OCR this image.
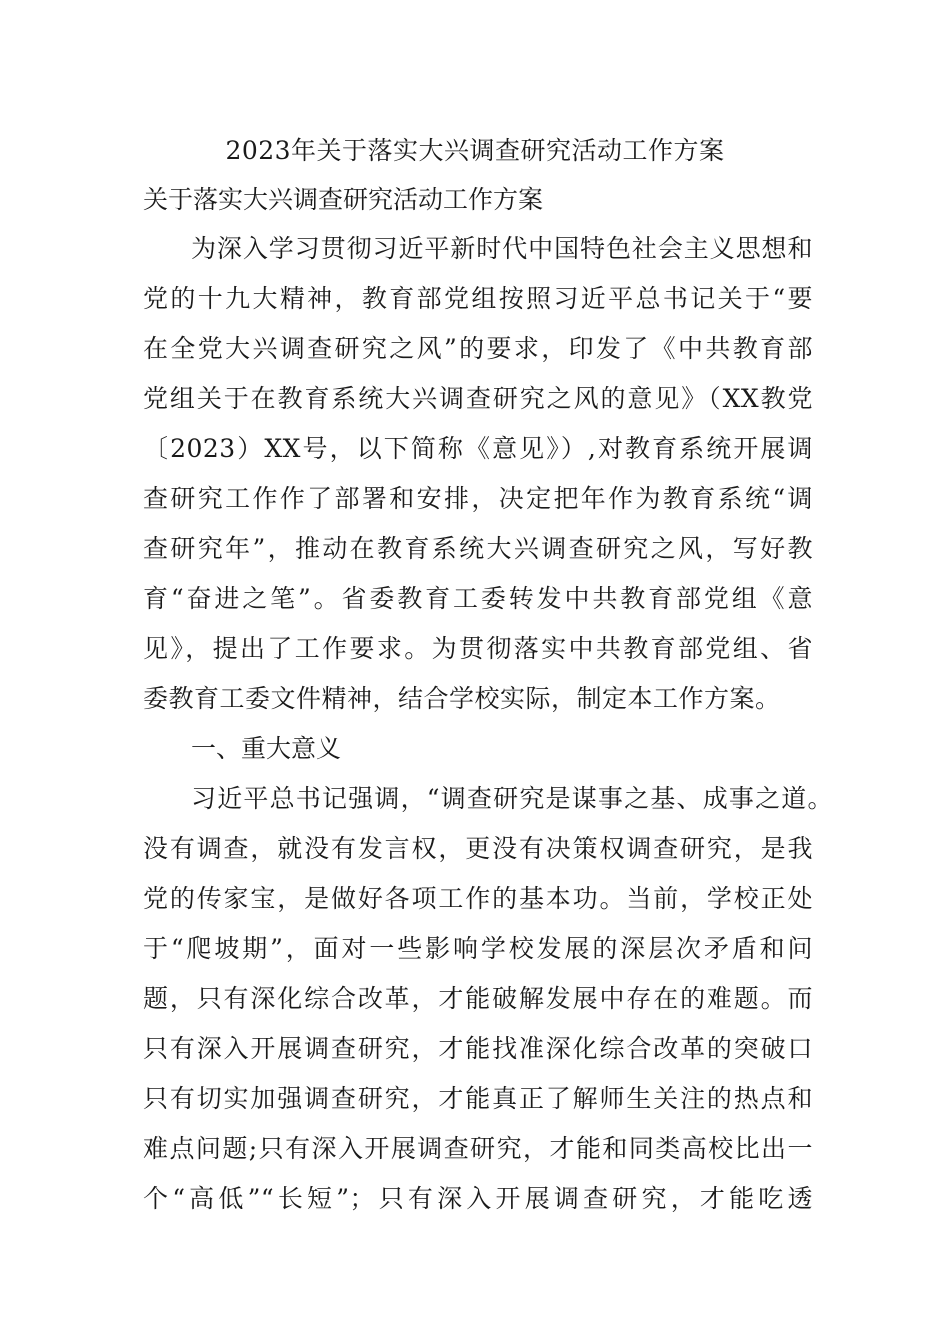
2023年关于落实大兴调查研究活动工作方案
关于落实大兴调查研究活动工作方案
为深入学习贯彻习近平新时代中国特色社会主义思想和
党的十九大精神，教育部党组按照习近平总书记关于“要
在全党大兴调查研究之风”的要求，印发了《中共教育部
党组关于在教育系统大兴调查研究之风的意见》（XX教党
〔2023）XX号，以下简称《意见》）,对教育系统开展调
查研究工作作了部署和安排，决定把年作为教育系统“调
查研究年”，推动在教育系统大兴调查研究之风，写好教
育“奋进之笔”。省委教育工委转发中共教育部党组《意
见》，提出了工作要求。为贯彻落实中共教育部党组、省
委教育工委文件精神，结合学校实际，制定本工作方案。
一、重大意义
习近平总书记强调，“调查研究是谋事之基、成事之道。
没有调查，就没有发言权，更没有决策权调查研究，是我
党的传家宝，是做好各项工作的基本功。当前，学校正处
于“爬坡期”，面对一些影响学校发展的深层次矛盾和问
题，只有深化综合改革，才能破解发展中存在的难题。而
只有深入开展调查研究，才能找准深化综合改革的突破口
只有切实加强调查研究，才能真正了解师生关注的热点和
难点问题;只有深入开展调查研究，才能和同类高校比出一
个“高低”“长短”；只有深入开展调查研究，才能吃透
